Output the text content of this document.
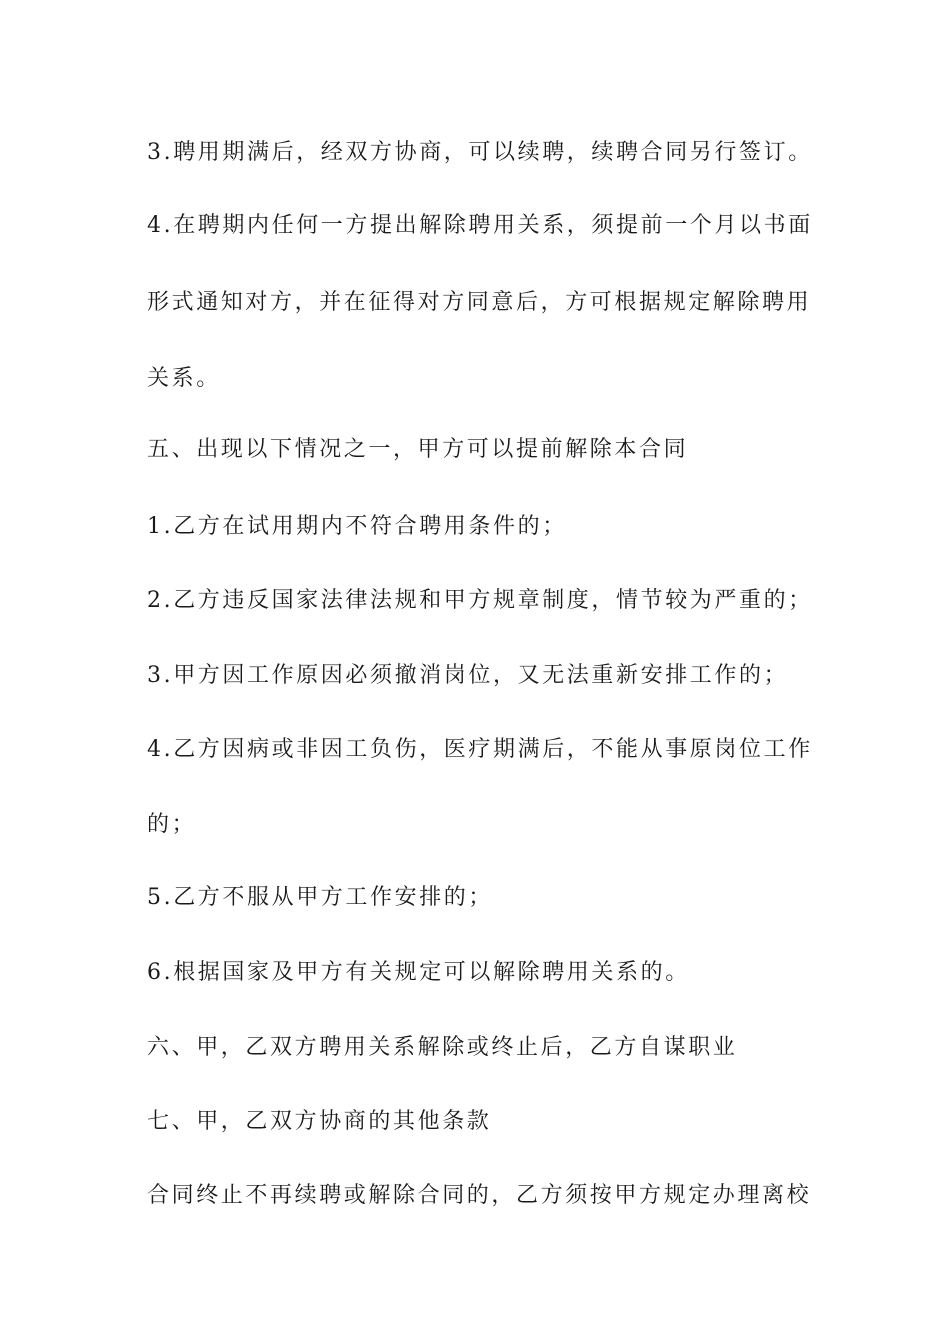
3.聘用期满后，经双方协商，可以续聘，续聘合同另行签订。
4.在聘期内任何一方提出解除聘用关系，须提前一个月以书面
形式通知对方，并在征得对方同意后，方可根据规定解除聘用
关系。
五、出现以下情况之一，甲方可以提前解除本合同
1.乙方在试用期内不符合聘用条件的；
2.乙方违反国家法律法规和甲方规章制度，情节较为严重的；
3.甲方因工作原因必须撤消岗位，又无法重新安排工作的；
4.乙方因病或非因工负伤，医疗期满后，不能从事原岗位工作
的；
5.乙方不服从甲方工作安排的；
6.根据国家及甲方有关规定可以解除聘用关系的。
六、甲，乙双方聘用关系解除或终止后，乙方自谋职业
七、甲，乙双方协商的其他条款
合同终止不再续聘或解除合同的，乙方须按甲方规定办理离校
